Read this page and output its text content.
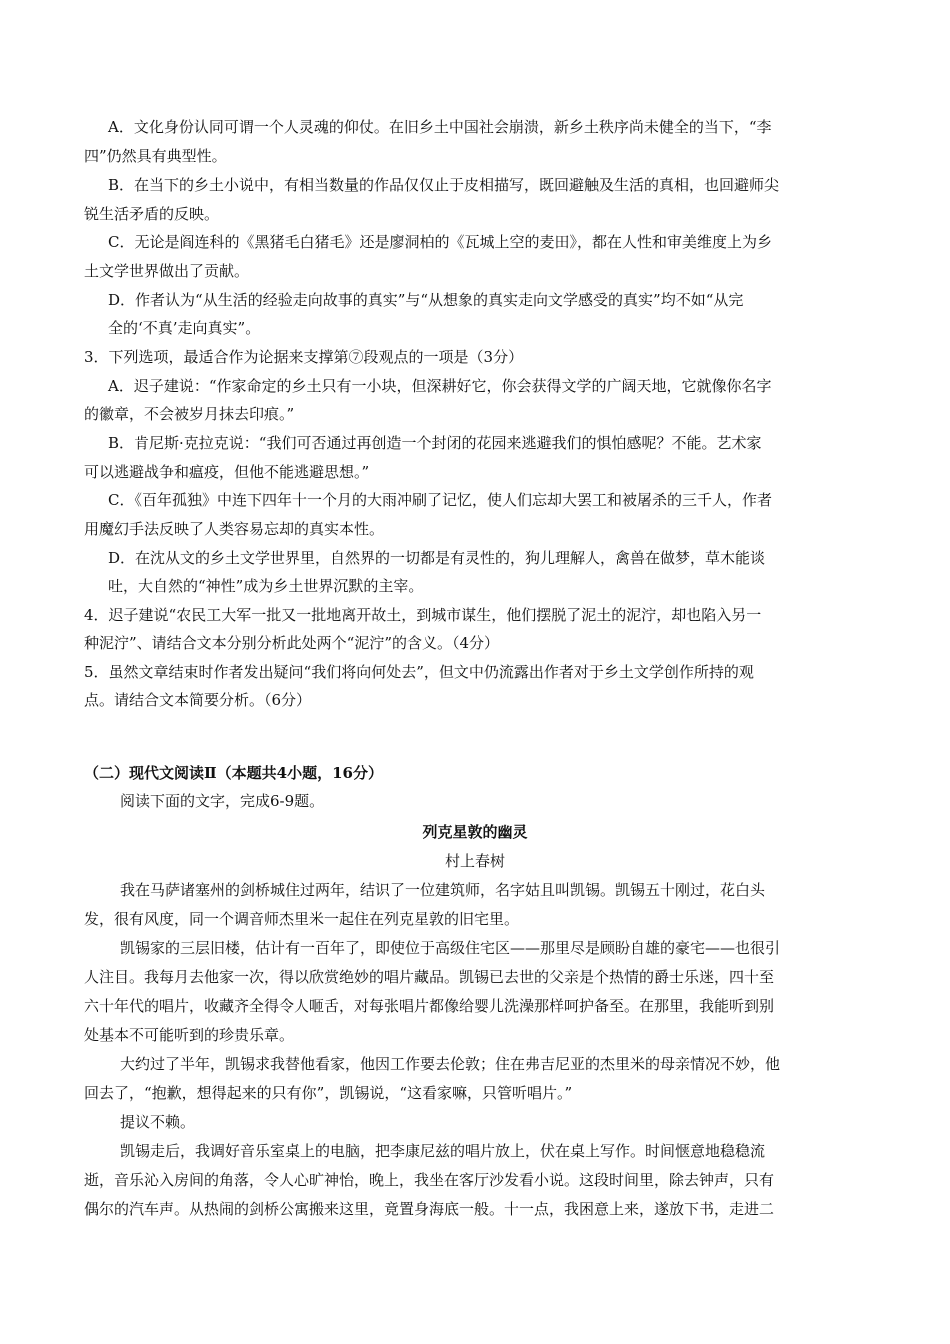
A．文化身份认同可谓一个人灵魂的仰仗。在旧乡土中国社会崩溃，新乡土秩序尚未健全的当下，“李
四”仍然具有典型性。
B．在当下的乡土小说中，有相当数量的作品仅仅止于皮相描写，既回避触及生活的真相，也回避师尖
锐生活矛盾的反映。
C．无论是阎连科的《黑猪毛白猪毛》还是廖洞柏的《瓦城上空的麦田》，都在人性和审美维度上为乡
土文学世界做出了贡献。
D．作者认为“从生活的经验走向故事的真实”与“从想象的真实走向文学感受的真实”均不如“从完
全的‘不真’走向真实”。
3．下列选项，最适合作为论据来支撑第⑦段观点的一项是（3分）
A．迟子建说：“作家命定的乡土只有一小块，但深耕好它，你会获得文学的广阔天地，它就像你名字
的徽章，不会被岁月抹去印痕。”
B．肯尼斯·克拉克说：“我们可否通过再创造一个封闭的花园来逃避我们的惧怕感呢？不能。艺术家
可以逃避战争和瘟疫，但他不能逃避思想。”
C．《百年孤独》中连下四年十一个月的大雨冲刷了记忆，使人们忘却大罢工和被屠杀的三千人，作者
用魔幻手法反映了人类容易忘却的真实本性。
D．在沈从文的乡土文学世界里，自然界的一切都是有灵性的，狗儿理解人，禽兽在做梦，草木能谈
吐，大自然的“神性”成为乡土世界沉默的主宰。
4．迟子建说“农民工大军一批又一批地离开故土，到城市谋生，他们摆脱了泥土的泥泞，却也陷入另一
种泥泞”、请结合文本分别分析此处两个“泥泞”的含义。（4分）
5．虽然文章结束时作者发出疑问“我们将向何处去”，但文中仍流露出作者对于乡土文学创作所持的观
点。请结合文本简要分析。（6分）
（二）现代文阅读Ⅱ（本题共4小题，16分）
阅读下面的文字，完成6-9题。
列克星敦的幽灵
村上春树
我在马萨诸塞州的剑桥城住过两年，结识了一位建筑师，名字姑且叫凯锡。凯锡五十刚过，花白头
发，很有风度，同一个调音师杰里米一起住在列克星敦的旧宅里。
凯锡家的三层旧楼，估计有一百年了，即使位于高级住宅区——那里尽是顾盼自雄的豪宅——也很引
人注目。我每月去他家一次，得以欣赏绝妙的唱片藏品。凯锡已去世的父亲是个热情的爵士乐迷，四十至
六十年代的唱片，收藏齐全得令人咂舌，对每张唱片都像给婴儿洗澡那样呵护备至。在那里，我能听到别
处基本不可能听到的珍贵乐章。
大约过了半年，凯锡求我替他看家，他因工作要去伦敦；住在弗吉尼亚的杰里米的母亲情况不妙，他
回去了，“抱歉，想得起来的只有你”，凯锡说，“这看家嘛，只管听唱片。”
提议不赖。
凯锡走后，我调好音乐室桌上的电脑，把李康尼兹的唱片放上，伏在桌上写作。时间惬意地稳稳流
逝，音乐沁入房间的角落，令人心旷神怡，晚上，我坐在客厅沙发看小说。这段时间里，除去钟声，只有
偶尔的汽车声。从热闹的剑桥公寓搬来这里，竟置身海底一般。十一点，我困意上来，遂放下书，走进二
